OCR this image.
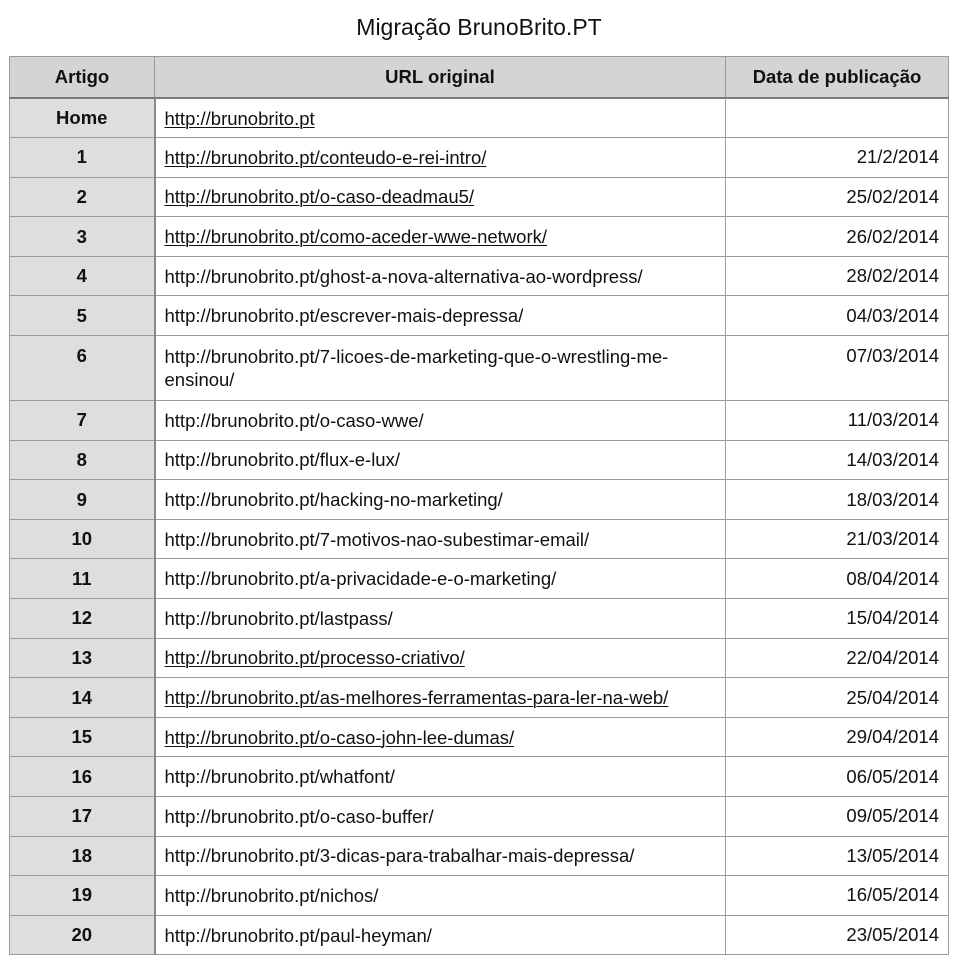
Migração BrunoBrito.PT
Artigo	URL original	Data de publicação
Home	http://brunobrito.pt	
1	http://brunobrito.pt/conteudo-e-rei-intro/	21/2/2014
2	http://brunobrito.pt/o-caso-deadmau5/	25/02/2014
3	http://brunobrito.pt/como-aceder-wwe-network/	26/02/2014
4	http://brunobrito.pt/ghost-a-nova-alternativa-ao-wordpress/	28/02/2014
5	http://brunobrito.pt/escrever-mais-depressa/	04/03/2014
6	http://brunobrito.pt/7-licoes-de-marketing-que-o-wrestling-me-ensinou/	07/03/2014
7	http://brunobrito.pt/o-caso-wwe/	11/03/2014
8	http://brunobrito.pt/flux-e-lux/	14/03/2014
9	http://brunobrito.pt/hacking-no-marketing/	18/03/2014
10	http://brunobrito.pt/7-motivos-nao-subestimar-email/	21/03/2014
11	http://brunobrito.pt/a-privacidade-e-o-marketing/	08/04/2014
12	http://brunobrito.pt/lastpass/	15/04/2014
13	http://brunobrito.pt/processo-criativo/	22/04/2014
14	http://brunobrito.pt/as-melhores-ferramentas-para-ler-na-web/	25/04/2014
15	http://brunobrito.pt/o-caso-john-lee-dumas/	29/04/2014
16	http://brunobrito.pt/whatfont/	06/05/2014
17	http://brunobrito.pt/o-caso-buffer/	09/05/2014
18	http://brunobrito.pt/3-dicas-para-trabalhar-mais-depressa/	13/05/2014
19	http://brunobrito.pt/nichos/	16/05/2014
20	http://brunobrito.pt/paul-heyman/	23/05/2014
